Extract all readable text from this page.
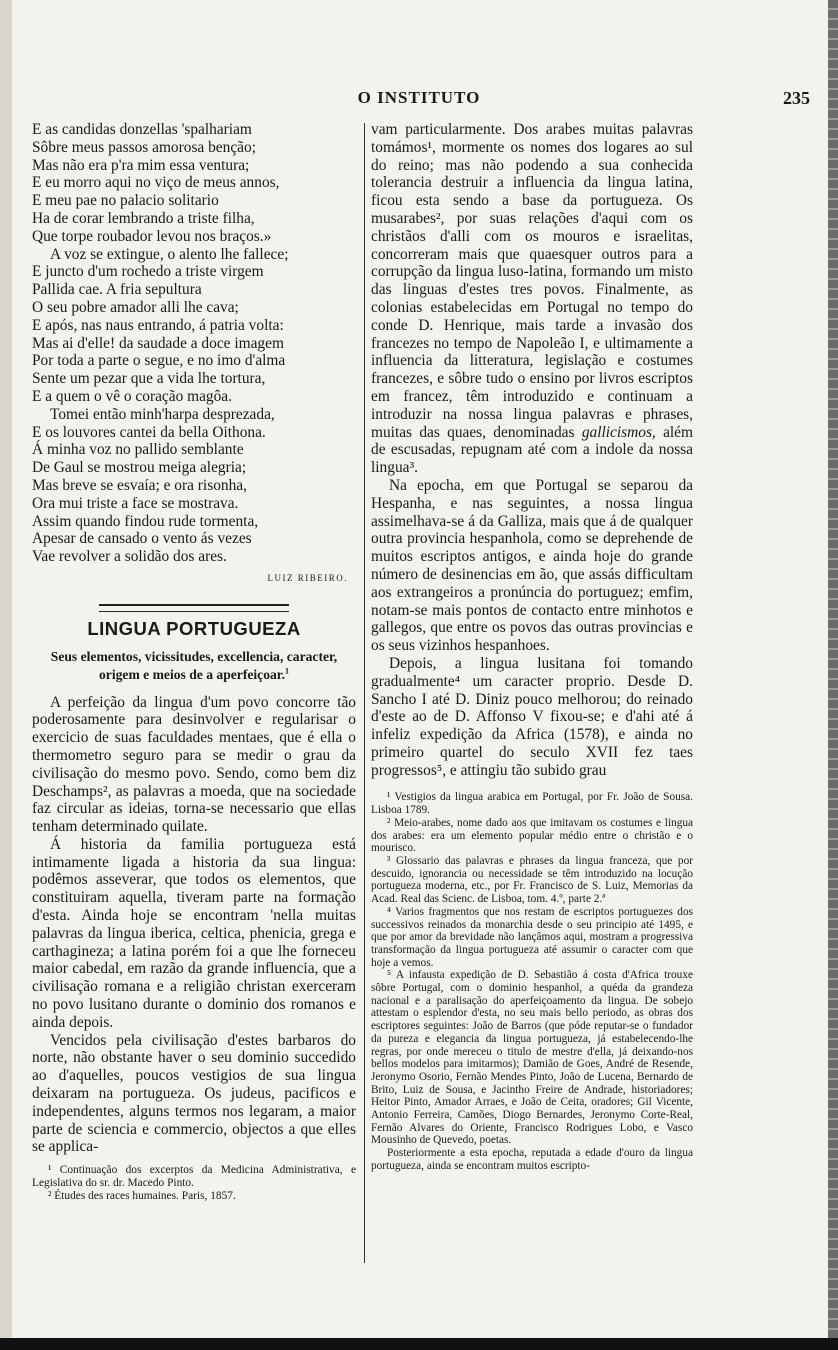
O INSTITUTO	235
E as candidas donzellas 'spalhariam
Sôbre meus passos amorosa benção;
Mas não era p'ra mim essa ventura;
E eu morro aqui no viço de meus annos,
E meu pae no palacio solitario
Ha de corar lembrando a triste filha,
Que torpe roubador levou nos braços.»
A voz se extingue, o alento lhe fallece;
E juncto d'um rochedo a triste virgem
Pallida cae. A fria sepultura
O seu pobre amador alli lhe cava;
E após, nas naus entrando, á patria volta:
Mas ai d'elle! da saudade a doce imagem
Por toda a parte o segue, e no imo d'alma
Sente um pezar que a vida lhe tortura,
E a quem o vê o coração magôa.
Tomei então minh'harpa desprezada,
E os louvores cantei da bella Oithona.
Á minha voz no pallido semblante
De Gaul se mostrou meiga alegria;
Mas breve se esvaía; e ora risonha,
Ora mui triste a face se mostrava.
Assim quando findou rude tormenta,
Apesar de cansado o vento ás vezes
Vae revolver a solidão dos ares.
LUIZ RIBEIRO.
LINGUA PORTUGUEZA
Seus elementos, vicissitudes, excellencia, caracter,
origem e meios de a aperfeiçoar.$^1$

A perfeição da lingua d'um povo concorre tão poderosamente para desinvolver e regularisar o exercicio de suas faculdades mentaes, que é ella o thermometro seguro para se medir o grau da civilisação do mesmo povo. Sendo, como bem diz Deschamps², as palavras a moeda, que na sociedade faz circular as ideias, torna-se necessario que ellas tenham determinado quilate.

Á historia da familia portugueza está intimamente ligada a historia da sua lingua: podêmos asseverar, que todos os elementos, que constituiram aquella, tiveram parte na formação d'esta. Ainda hoje se encontram 'nella muitas palavras da lingua iberica, celtica, phenicia, grega e carthagineza; a latina porém foi a que lhe forneceu maior cabedal, em razão da grande influencia, que a civilisação romana e a religião christan exerceram no povo lusitano durante o dominio dos romanos e ainda depois.

Vencidos pela civilisação d'estes barbaros do norte, não obstante haver o seu dominio succedido ao d'aquelles, poucos vestigios de sua lingua deixaram na portugueza. Os judeus, pacificos e independentes, alguns termos nos legaram, a maior parte de sciencia e commercio, objectos a que elles se applica-

¹ Continuação dos excerptos da Medicina Administrativa, e Legislativa do sr. dr. Macedo Pinto.

² Études des races humaines. Paris, 1857.

vam particularmente. Dos arabes muitas palavras tomámos¹, mormente os nomes dos logares ao sul do reino; mas não podendo a sua conhecida tolerancia destruir a influencia da lingua latina, ficou esta sendo a base da portugueza. Os musarabes², por suas relações d'aqui com os christãos d'alli com os mouros e israelitas, concorreram mais que quaesquer outros para a corrupção da lingua luso-latina, formando um misto das linguas d'estes tres povos. Finalmente, as colonias estabelecidas em Portugal no tempo do conde D. Henrique, mais tarde a invasão dos francezes no tempo de Napoleão I, e ultimamente a influencia da litteratura, legislação e costumes francezes, e sôbre tudo o ensino por livros escriptos em francez, têm introduzido e continuam a introduzir na nossa lingua palavras e phrases, muitas das quaes, denominadas gallicismos, além de escusadas, repugnam até com a indole da nossa lingua³.

Na epocha, em que Portugal se separou da Hespanha, e nas seguintes, a nossa lingua assimelhava-se á da Galliza, mais que á de qualquer outra provincia hespanhola, como se deprehende de muitos escriptos antigos, e ainda hoje do grande número de desinencias em ão, que assás difficultam aos extrangeiros a pronúncia do portuguez; emfim, notam-se mais pontos de contacto entre minhotos e gallegos, que entre os povos das outras provincias e os seus vizinhos hespanhoes.

Depois, a lingua lusitana foi tomando gradualmente⁴ um caracter proprio. Desde D. Sancho I até D. Diniz pouco melhorou; do reinado d'este ao de D. Affonso V fixou-se; e d'ahi até á infeliz expedição da Africa (1578), e ainda no primeiro quartel do seculo XVII fez taes progressos⁵, e attingiu tão subido grau

¹ Vestigios da lingua arabica em Portugal, por Fr. João de Sousa. Lisboa 1789.

² Meio-arabes, nome dado aos que imitavam os costumes e lingua dos arabes: era um elemento popular médio entre o christão e o mourisco.

³ Glossario das palavras e phrases da lingua franceza, que por descuido, ignorancia ou necessidade se têm introduzido na locução portugueza moderna, etc., por Fr. Francisco de S. Luiz, Memorias da Acad. Real das Scienc. de Lisboa, tom. 4.º, parte 2.ª

⁴ Varios fragmentos que nos restam de escriptos portuguezes dos successivos reinados da monarchia desde o seu principio até 1495, e que por amor da brevidade não lançâmos aqui, mostram a progressiva transformação da lingua portugueza até assumir o caracter com que hoje a vemos.

⁵ A infausta expedição de D. Sebastião á costa d'Africa trouxe sôbre Portugal, com o dominio hespanhol, a quéda da grandeza nacional e a paralisação do aperfeiçoamento da lingua. De sobejo attestam o esplendor d'esta, no seu mais bello periodo, as obras dos escriptores seguintes: João de Barros (que póde reputar-se o fundador da pureza e elegancia da lingua portugueza, já estabelecendo-lhe regras, por onde mereceu o titulo de mestre d'ella, já deixando-nos bellos modelos para imitarmos); Damião de Goes, André de Resende, Jeronymo Osorio, Fernão Mendes Pinto, João de Lucena, Bernardo de Brito, Luiz de Sousa, e Jacintho Freire de Andrade, historiadores; Heitor Pinto, Amador Arraes, e João de Ceita, oradores; Gil Vicente, Antonio Ferreira, Camões, Diogo Bernardes, Jeronymo Corte-Real, Fernão Alvares do Oriente, Francisco Rodrigues Lobo, e Vasco Mousinho de Quevedo, poetas.

Posteriormente a esta epocha, reputada a edade d'ouro da lingua portugueza, ainda se encontram muitos escripto-
